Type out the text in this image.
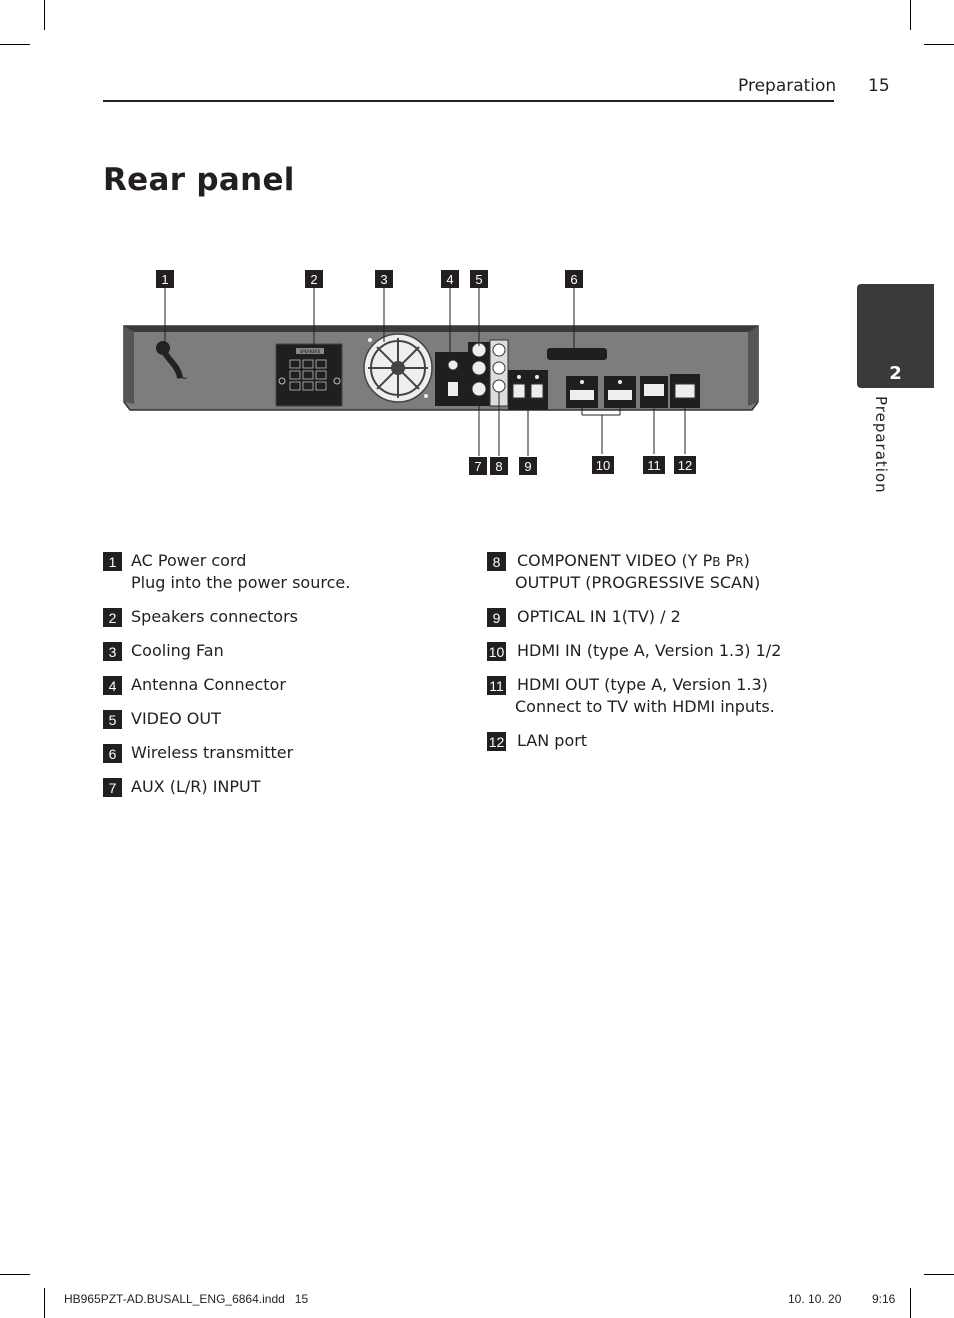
Preparation 15
Rear panel
2
Preparation
~
SPEAKERS
1	2	3	4	5	6
7	8	9	10	11	12
1 AC Power cord
Plug into the power source.
2 Speakers connectors
3 Cooling Fan
4 Antenna Connector
5 VIDEO OUT
6 Wireless transmitter
7 AUX (L/R) INPUT
8	COMPONENT VIDEO (Y PB PR)
OUTPUT (PROGRESSIVE SCAN)
9	OPTICAL IN 1(TV) / 2
10 HDMI IN (type A, Version 1.3) 1/2
11 HDMI OUT (type A, Version 1.3)
Connect to TV with HDMI inputs.
12 LAN port
HB965PZT-AD.BUSALL_ENG_6864.indd   15	10. 10. 20	9:16
